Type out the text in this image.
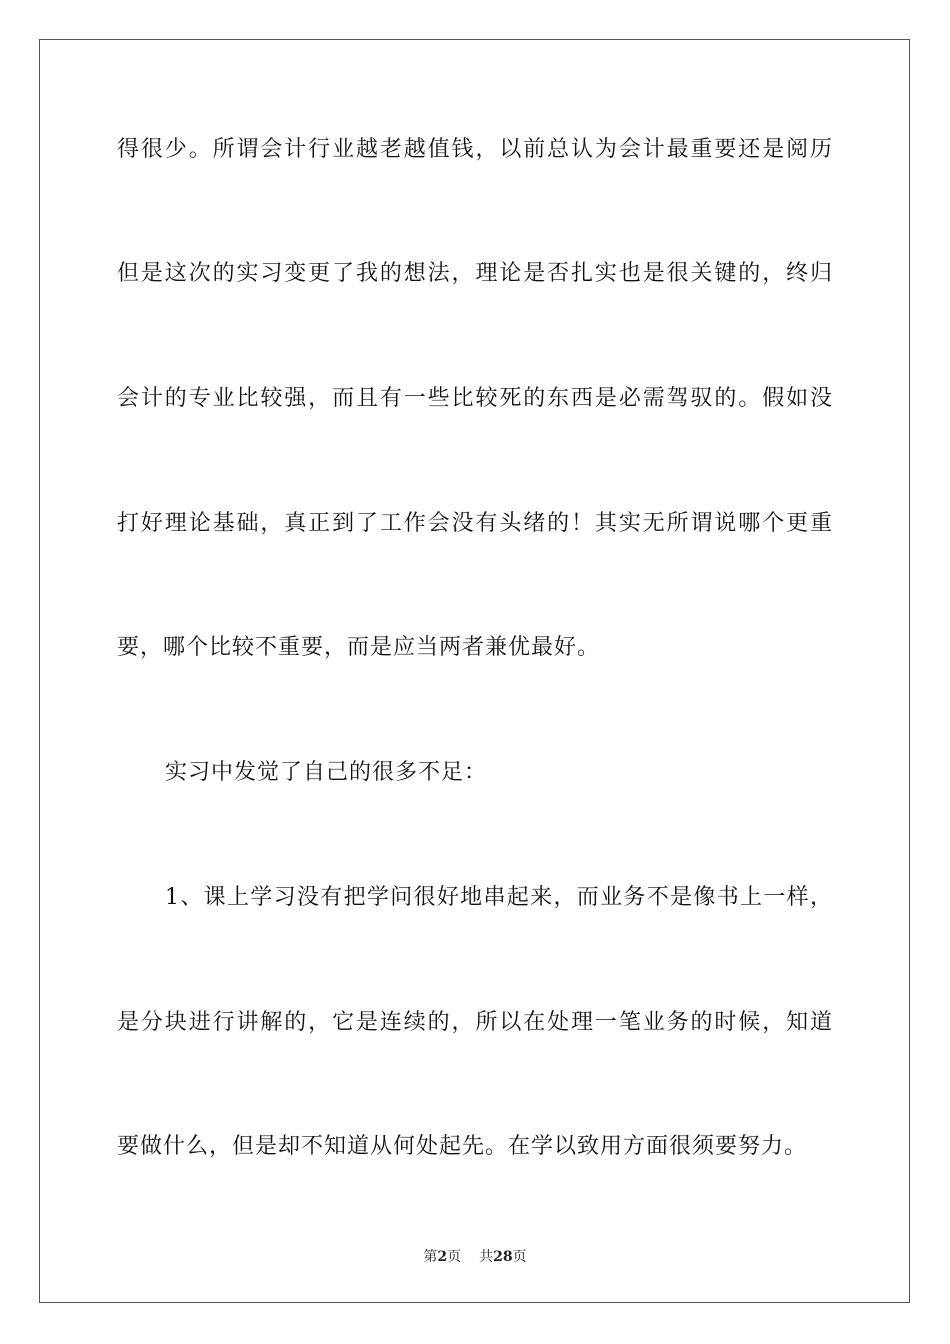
得很少。所谓会计行业越老越值钱，以前总认为会计最重要还是阅历
但是这次的实习变更了我的想法，理论是否扎实也是很关键的，终归
会计的专业比较强，而且有一些比较死的东西是必需驾驭的。假如没
打好理论基础，真正到了工作会没有头绪的！其实无所谓说哪个更重
要，哪个比较不重要，而是应当两者兼优最好。
实习中发觉了自己的很多不足：
1、课上学习没有把学问很好地串起来，而业务不是像书上一样，
是分块进行讲解的，它是连续的，所以在处理一笔业务的时候，知道
要做什么，但是却不知道从何处起先。在学以致用方面很须要努力。
第2页 共28页
